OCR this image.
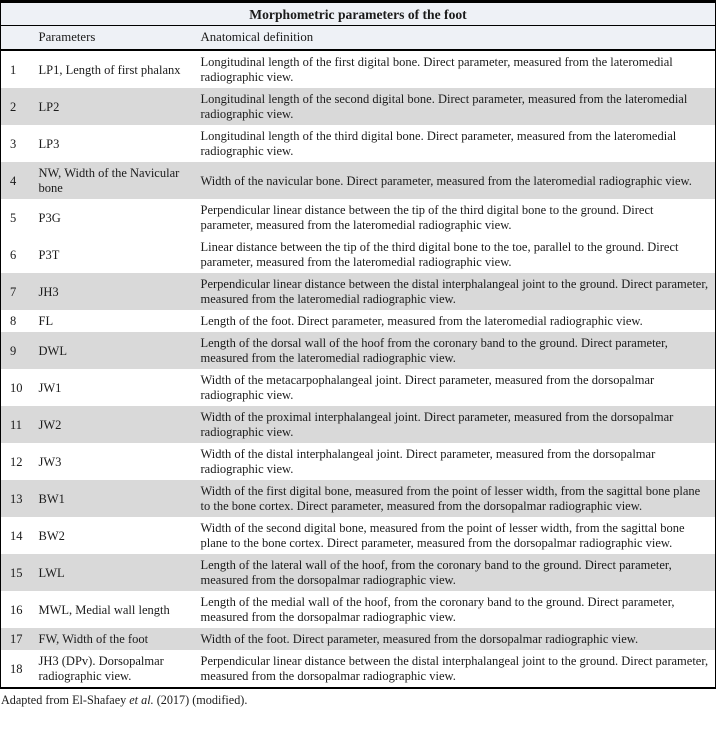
Morphometric parameters of the foot		
	Parameters	Anatomical definition
1	LP1, Length of first phalanx	Longitudinal length of the first digital bone. Direct parameter, measured from the lateromedial radiographic view.
2	LP2	Longitudinal length of the second digital bone. Direct parameter, measured from the lateromedial radiographic view.
3	LP3	Longitudinal length of the third digital bone. Direct parameter, measured from the lateromedial radiographic view.
4	NW, Width of the Navicular bone	Width of the navicular bone. Direct parameter, measured from the lateromedial radiographic view.
5	P3G	Perpendicular linear distance between the tip of the third digital bone to the ground. Direct parameter, measured from the lateromedial radiographic view.
6	P3T	Linear distance between the tip of the third digital bone to the toe, parallel to the ground. Direct parameter, measured from the lateromedial radiographic view.
7	JH3	Perpendicular linear distance between the distal interphalangeal joint to the ground. Direct parameter, measured from the lateromedial radiographic view.
8	FL	Length of the foot. Direct parameter, measured from the lateromedial radiographic view.
9	DWL	Length of the dorsal wall of the hoof from the coronary band to the ground. Direct parameter, measured from the lateromedial radiographic view.
10	JW1	Width of the metacarpophalangeal joint. Direct parameter, measured from the dorsopalmar radiographic view.
11	JW2	Width of the proximal interphalangeal joint. Direct parameter, measured from the dorsopalmar radiographic view.
12	JW3	Width of the distal interphalangeal joint. Direct parameter, measured from the dorsopalmar radiographic view.
13	BW1	Width of the first digital bone, measured from the point of lesser width, from the sagittal bone plane to the bone cortex. Direct parameter, measured from the dorsopalmar radiographic view.
14	BW2	Width of the second digital bone, measured from the point of lesser width, from the sagittal bone plane to the bone cortex. Direct parameter, measured from the dorsopalmar radiographic view.
15	LWL	Length of the lateral wall of the hoof, from the coronary band to the ground. Direct parameter, measured from the dorsopalmar radiographic view.
16	MWL, Medial wall length	Length of the medial wall of the hoof, from the coronary band to the ground. Direct parameter, measured from the dorsopalmar radiographic view.
17	FW, Width of the foot	Width of the foot. Direct parameter, measured from the dorsopalmar radiographic view.
18	JH3 (DPv). Dorsopalmar radiographic view.	Perpendicular linear distance between the distal interphalangeal joint to the ground. Direct parameter, measured from the dorsopalmar radiographic view.
Adapted from El-Shafaey et al. (2017) (modified).
